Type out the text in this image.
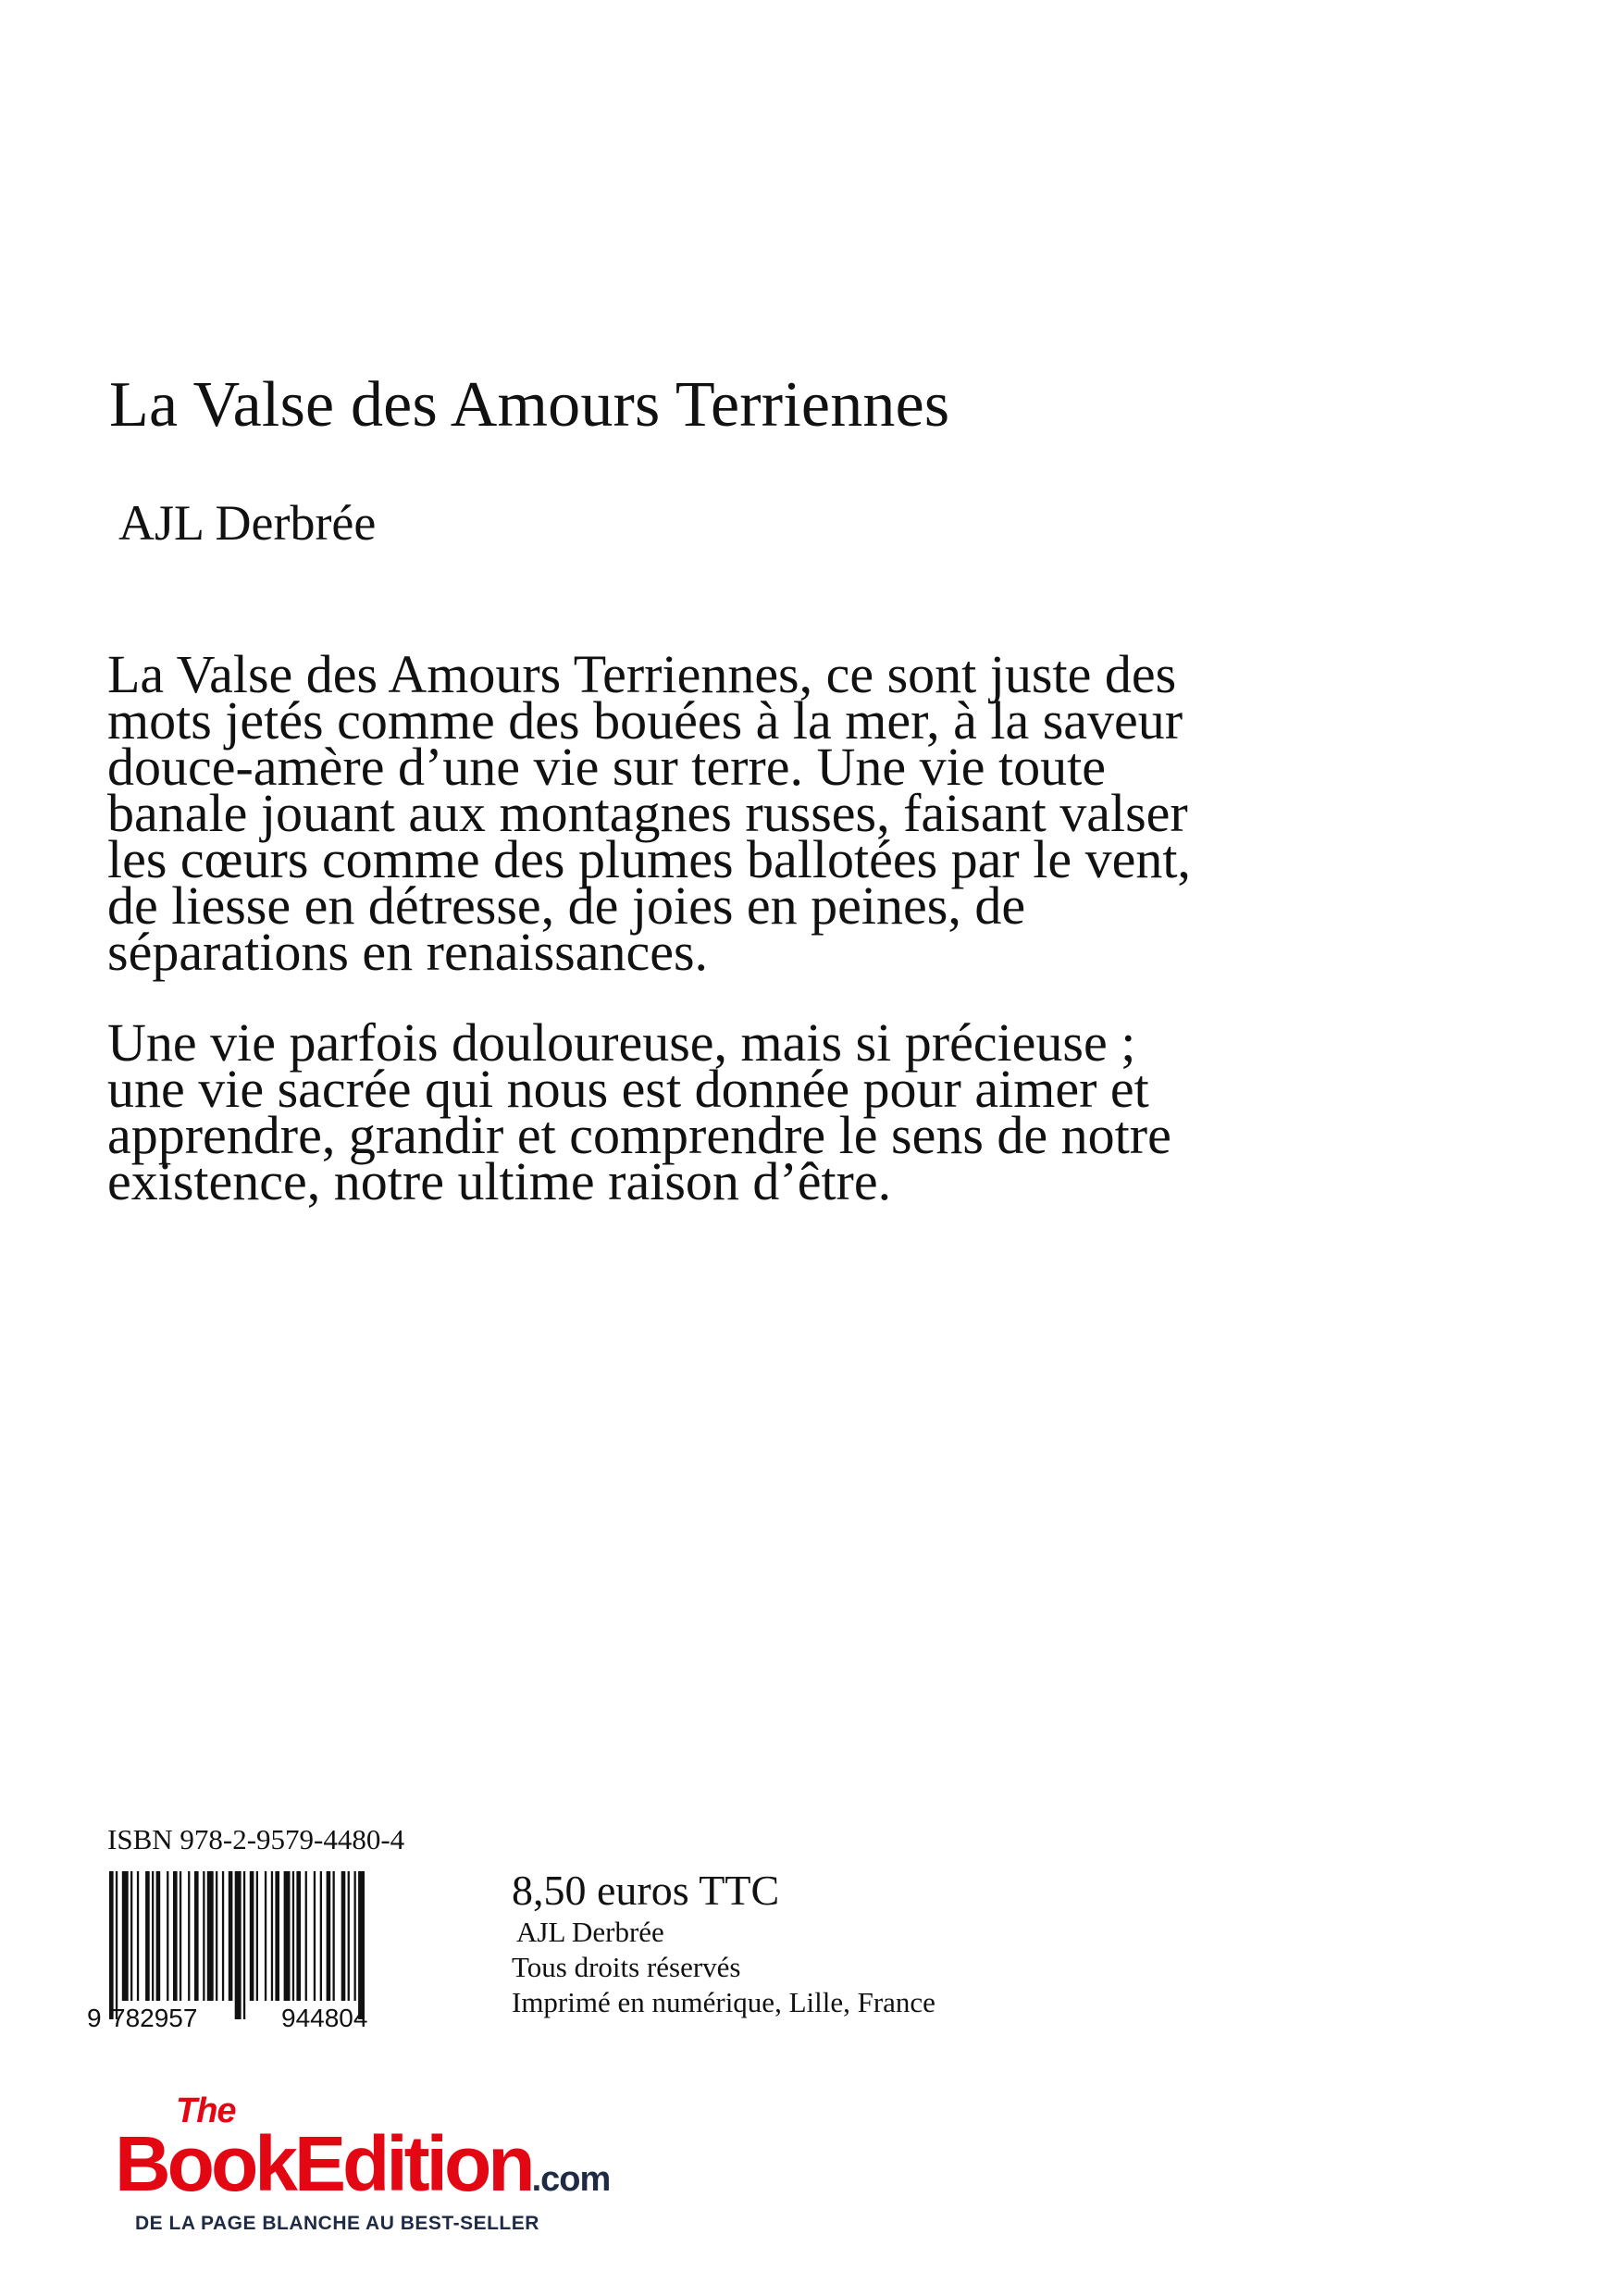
La Valse des Amours Terriennes
AJL Derbrée

La Valse des Amours Terriennes, ce sont juste des mots jetés comme des bouées à la mer, à la saveur douce-amère d’une vie sur terre. Une vie toute banale jouant aux montagnes russes, faisant valser les cœurs comme des plumes ballotées par le vent, de liesse en détresse, de joies en peines, de séparations en renaissances.

Une vie parfois douloureuse, mais si précieuse ; une vie sacrée qui nous est donnée pour aimer et apprendre, grandir et comprendre le sens de notre existence, notre ultime raison d’être.

ISBN 978-2-9579-4480-4
9 782957	944804
8,50 euros TTC
AJL Derbrée
Tous droits réservés
Imprimé en numérique, Lille, France
The
BookEdition.com
DE LA PAGE BLANCHE AU BEST-SELLER
